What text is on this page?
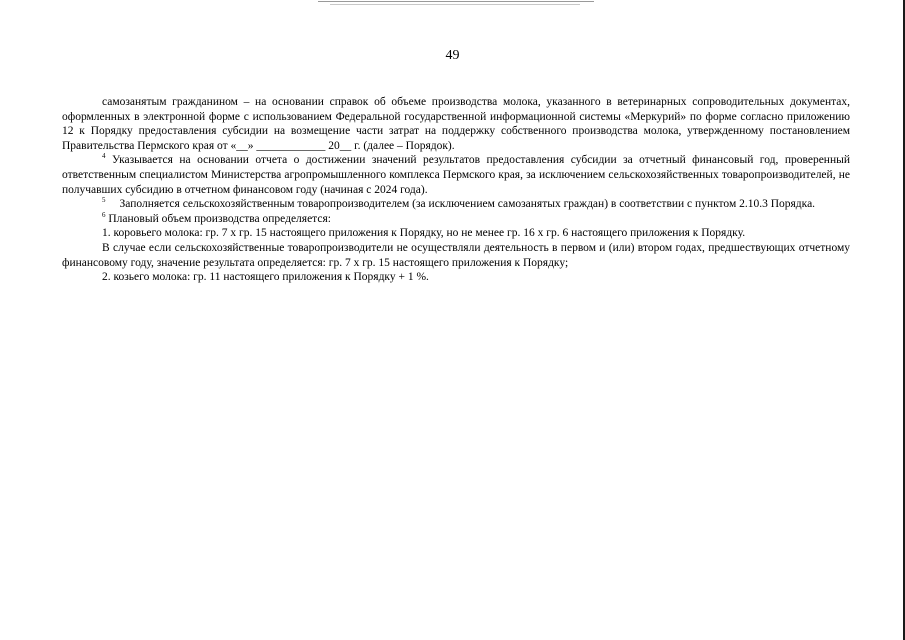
49

самозанятым гражданином – на основании справок об объеме производства молока, указанного в ветеринарных сопроводительных документах, оформленных в электронной форме с использованием Федеральной государственной информационной системы «Меркурий» по форме согласно приложению 12 к Порядку предоставления субсидии на возмещение части затрат на поддержку собственного производства молока, утвержденному постановлением Правительства Пермского края от «__» ____________ 20__ г. (далее – Порядок).

$^4$ Указывается на основании отчета о достижении значений результатов предоставления субсидии за отчетный финансовый год, проверенный ответственным специалистом Министерства агропромышленного комплекса Пермского края, за исключением сельскохозяйственных товаропроизводителей, не получавших субсидию в отчетном финансовом году (начиная с 2024 года).

$^5$ Заполняется сельскохозяйственным товаропроизводителем (за исключением самозанятых граждан) в соответствии с пунктом 2.10.3 Порядка.

$^6$ Плановый объем производства определяется:

1. коровьего молока: гр. 7 х гр. 15 настоящего приложения к Порядку, но не менее гр. 16 х гр. 6 настоящего приложения к Порядку.

В случае если сельскохозяйственные товаропроизводители не осуществляли деятельность в первом и (или) втором годах, предшествующих отчетному финансовому году, значение результата определяется: гр. 7 х гр. 15 настоящего приложения к Порядку;

2. козьего молока: гр. 11 настоящего приложения к Порядку + 1 %.
